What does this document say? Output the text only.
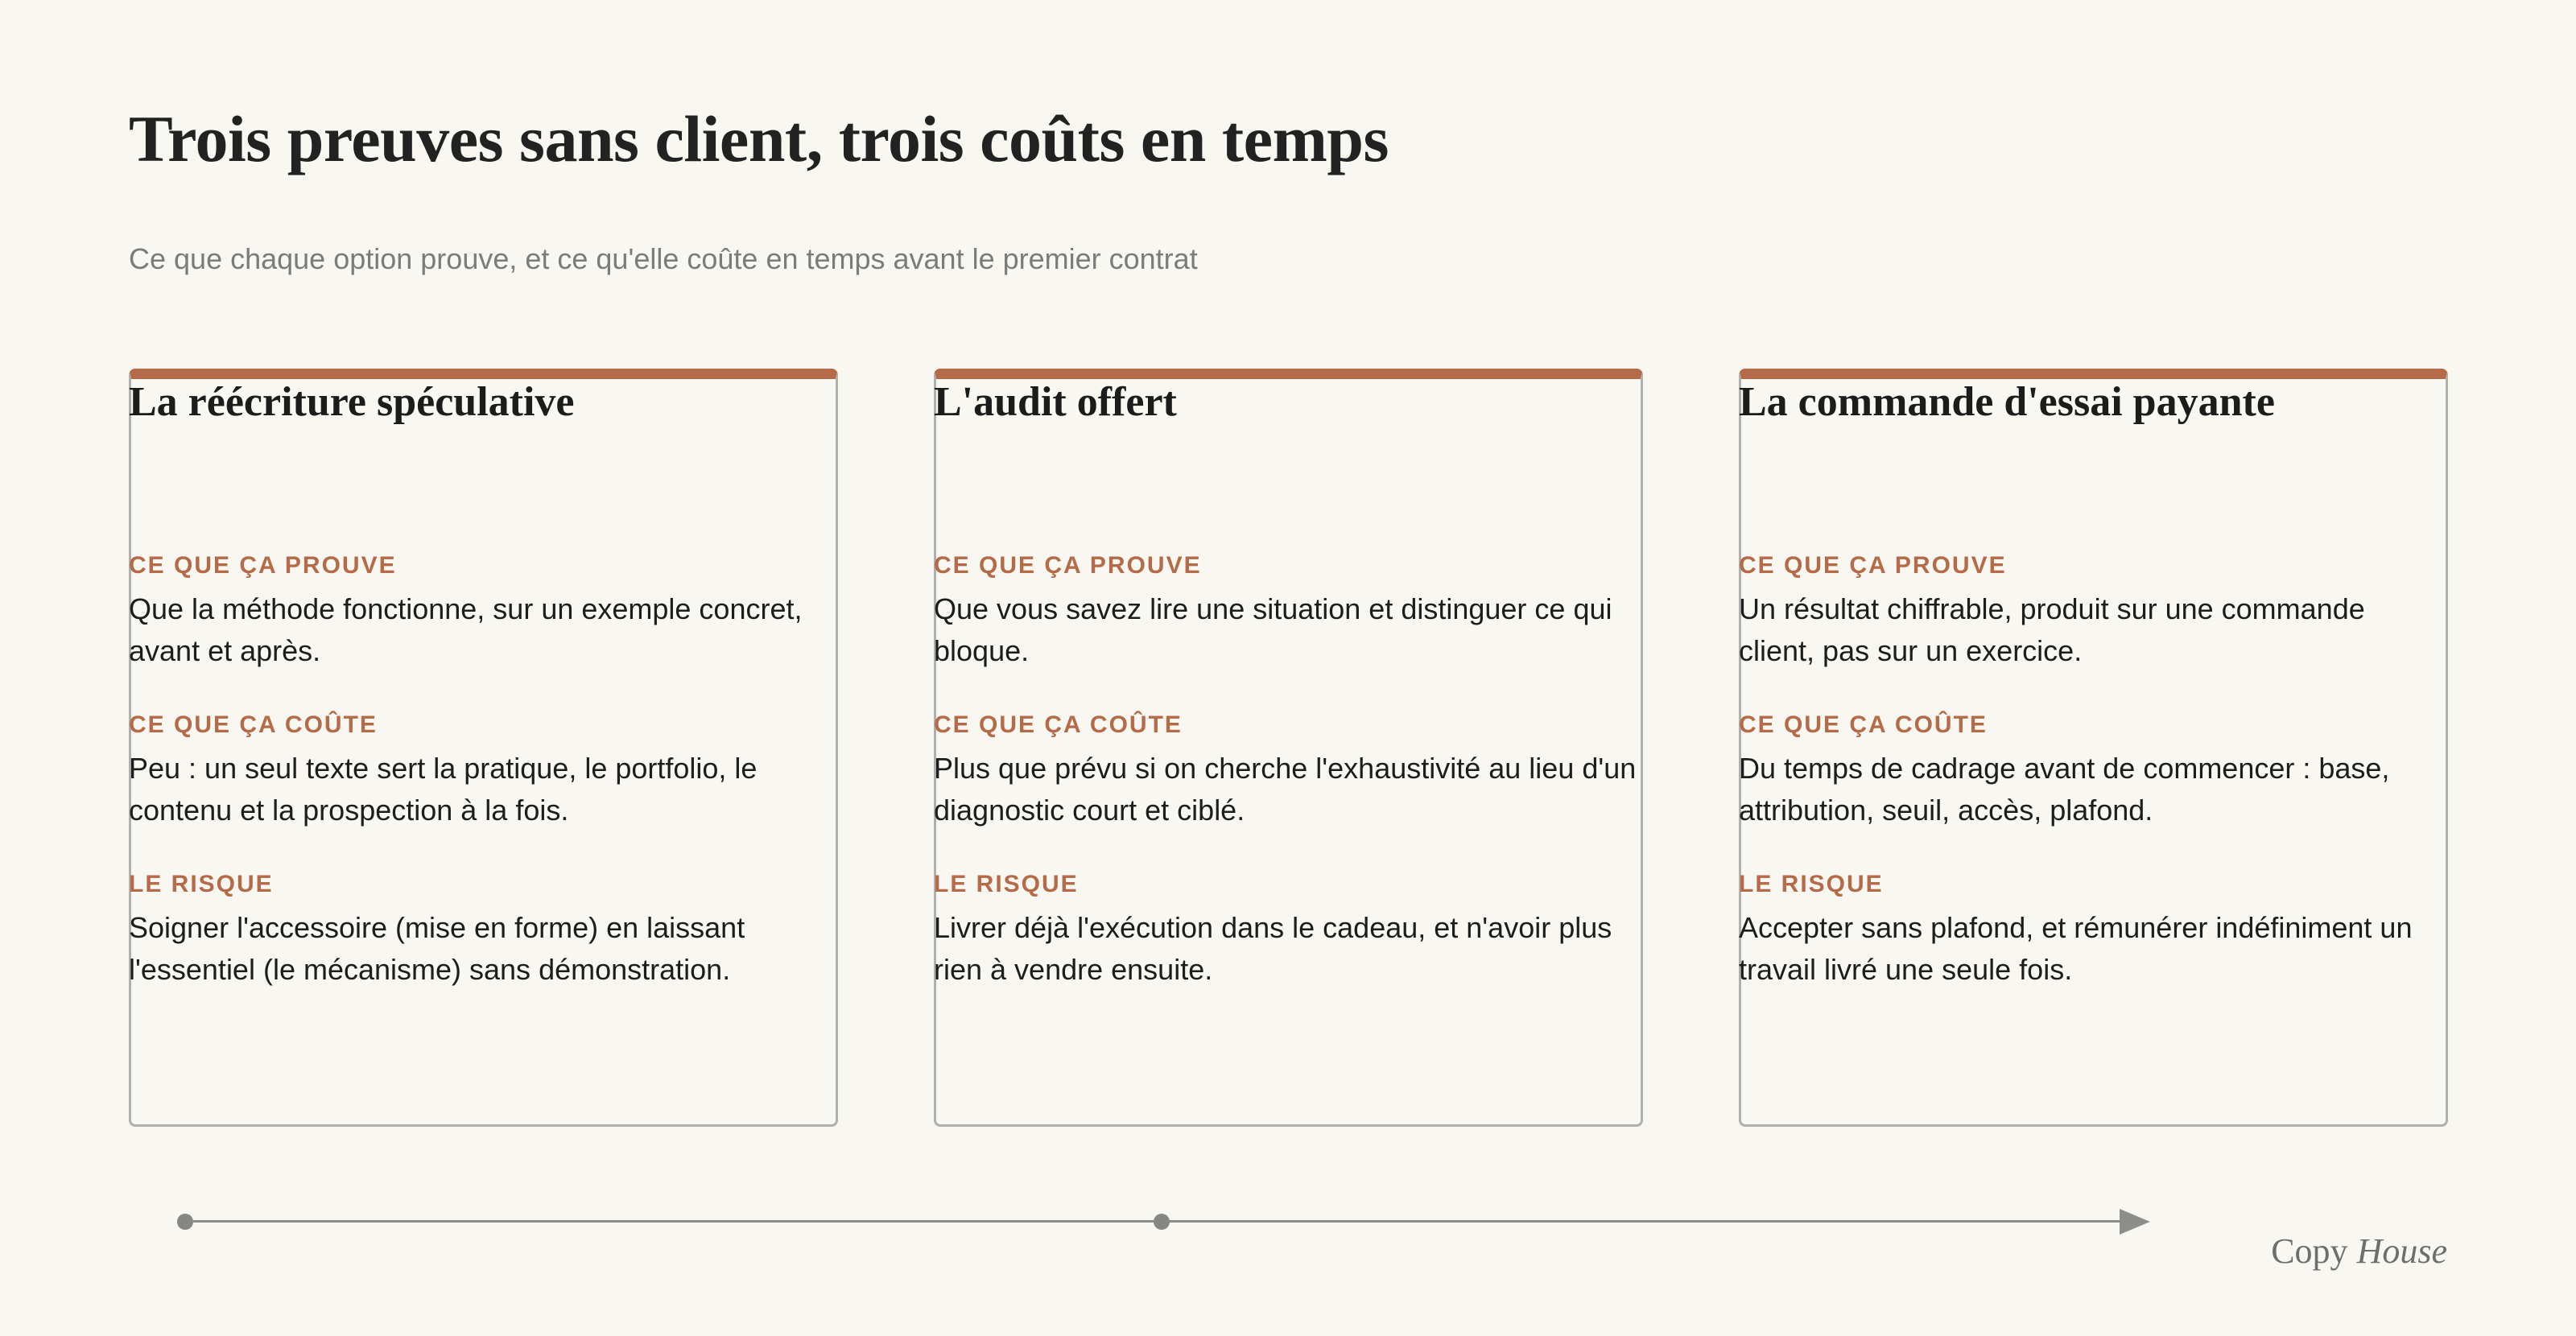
Trois preuves sans client, trois coûts en temps

Ce que chaque option prouve, et ce qu'elle coûte en temps avant le premier contrat

La réécriture spéculative
CE QUE ÇA PROUVE
Que la méthode fonctionne, sur un exemple concret, avant et après.
CE QUE ÇA COÛTE
Peu : un seul texte sert la pratique, le portfolio, le contenu et la prospection à la fois.
LE RISQUE
Soigner l'accessoire (mise en forme) en laissant l'essentiel (le mécanisme) sans démonstration.
L'audit offert
CE QUE ÇA PROUVE
Que vous savez lire une situation et distinguer ce qui bloque.
CE QUE ÇA COÛTE
Plus que prévu si on cherche l'exhaustivité au lieu d'un diagnostic court et ciblé.
LE RISQUE
Livrer déjà l'exécution dans le cadeau, et n'avoir plus rien à vendre ensuite.
La commande d'essai payante
CE QUE ÇA PROUVE
Un résultat chiffrable, produit sur une commande client, pas sur un exercice.
CE QUE ÇA COÛTE
Du temps de cadrage avant de commencer : base, attribution, seuil, accès, plafond.
LE RISQUE
Accepter sans plafond, et rémunérer indéfiniment un travail livré une seule fois.
Copy House
